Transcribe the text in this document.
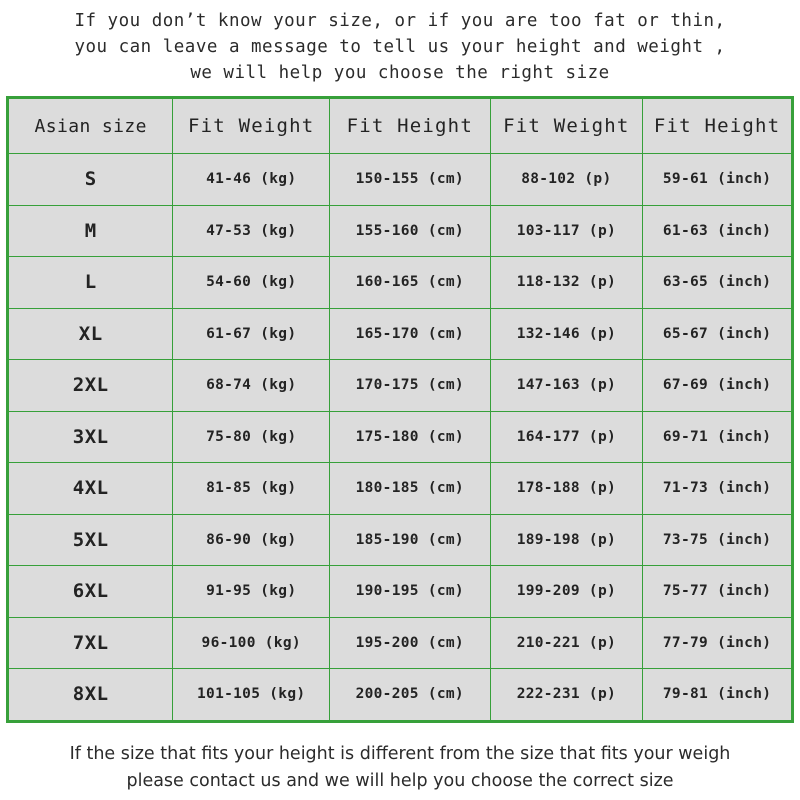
If you don’t know your size, or if you are too fat or thin,
you can leave a message to tell us your height and weight ,
we will help you choose the right size
Asian size	Fit Weight	Fit Height	Fit Weight	Fit Height
S	41-46 (kg)	150-155 (cm)	88-102 (p)	59-61 (inch)
M	47-53 (kg)	155-160 (cm)	103-117 (p)	61-63 (inch)
L	54-60 (kg)	160-165 (cm)	118-132 (p)	63-65 (inch)
XL	61-67 (kg)	165-170 (cm)	132-146 (p)	65-67 (inch)
2XL	68-74 (kg)	170-175 (cm)	147-163 (p)	67-69 (inch)
3XL	75-80 (kg)	175-180 (cm)	164-177 (p)	69-71 (inch)
4XL	81-85 (kg)	180-185 (cm)	178-188 (p)	71-73 (inch)
5XL	86-90 (kg)	185-190 (cm)	189-198 (p)	73-75 (inch)
6XL	91-95 (kg)	190-195 (cm)	199-209 (p)	75-77 (inch)
7XL	96-100 (kg)	195-200 (cm)	210-221 (p)	77-79 (inch)
8XL	101-105 (kg)	200-205 (cm)	222-231 (p)	79-81 (inch)
If the size that fits your height is different from the size that fits your weigh
please contact us and we will help you choose the correct size
